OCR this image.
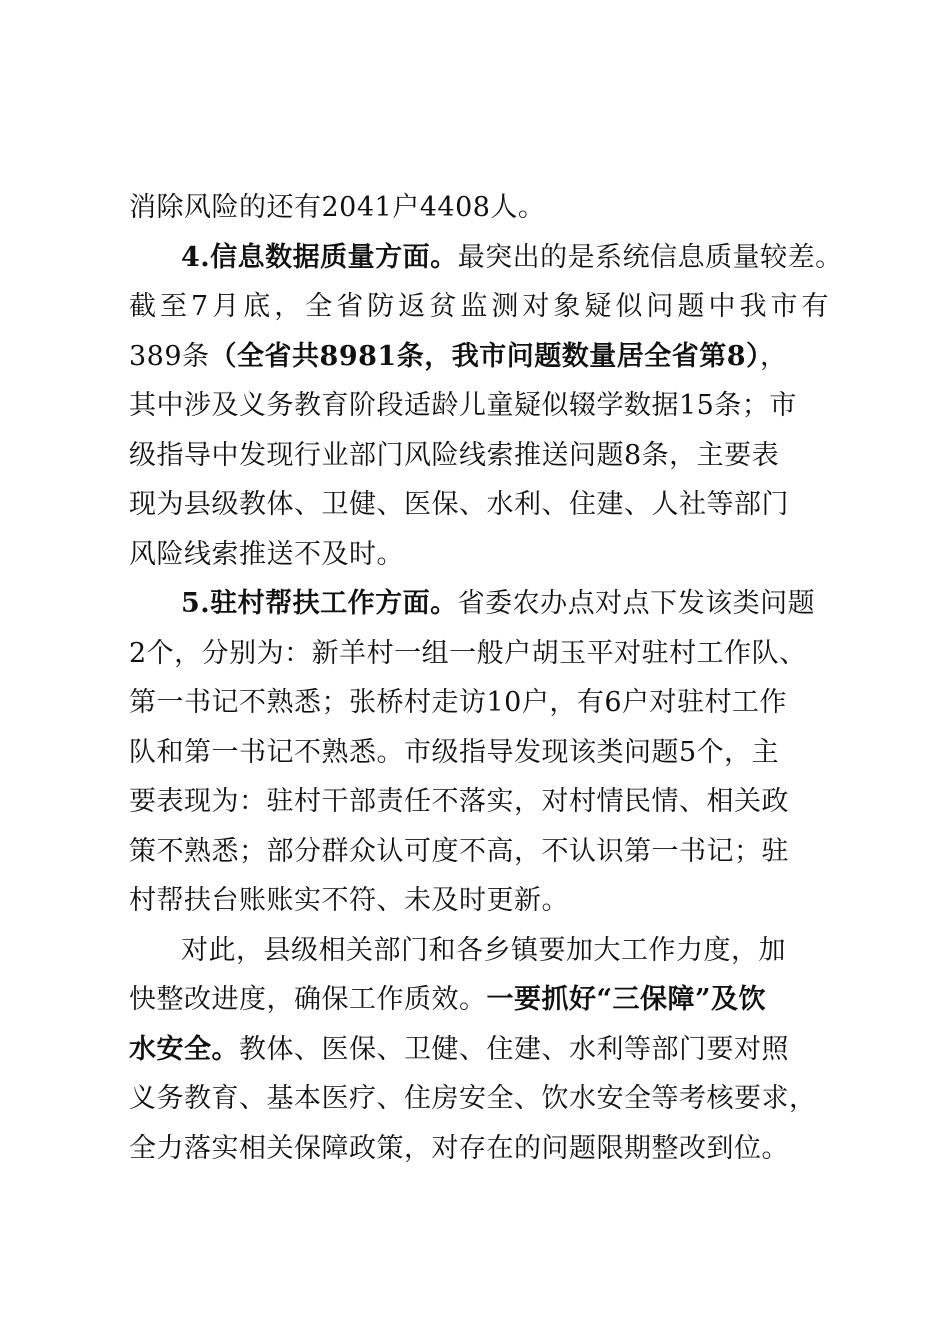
消除风险的还有2041户4408人。
4.信息数据质量方面。最突出的是系统信息质量较差。
截至7月底，全省防返贫监测对象疑似问题中我市有
389条（全省共8981条，我市问题数量居全省第8），
其中涉及义务教育阶段适龄儿童疑似辍学数据15条；市
级指导中发现行业部门风险线索推送问题8条，主要表
现为县级教体、卫健、医保、水利、住建、人社等部门
风险线索推送不及时。
5.驻村帮扶工作方面。省委农办点对点下发该类问题
2个，分别为：新羊村一组一般户胡玉平对驻村工作队、
第一书记不熟悉；张桥村走访10户，有6户对驻村工作
队和第一书记不熟悉。市级指导发现该类问题5个，主
要表现为：驻村干部责任不落实，对村情民情、相关政
策不熟悉；部分群众认可度不高，不认识第一书记；驻
村帮扶台账账实不符、未及时更新。
对此，县级相关部门和各乡镇要加大工作力度，加
快整改进度，确保工作质效。一要抓好“三保障”及饮
水安全。教体、医保、卫健、住建、水利等部门要对照
义务教育、基本医疗、住房安全、饮水安全等考核要求，
全力落实相关保障政策，对存在的问题限期整改到位。
